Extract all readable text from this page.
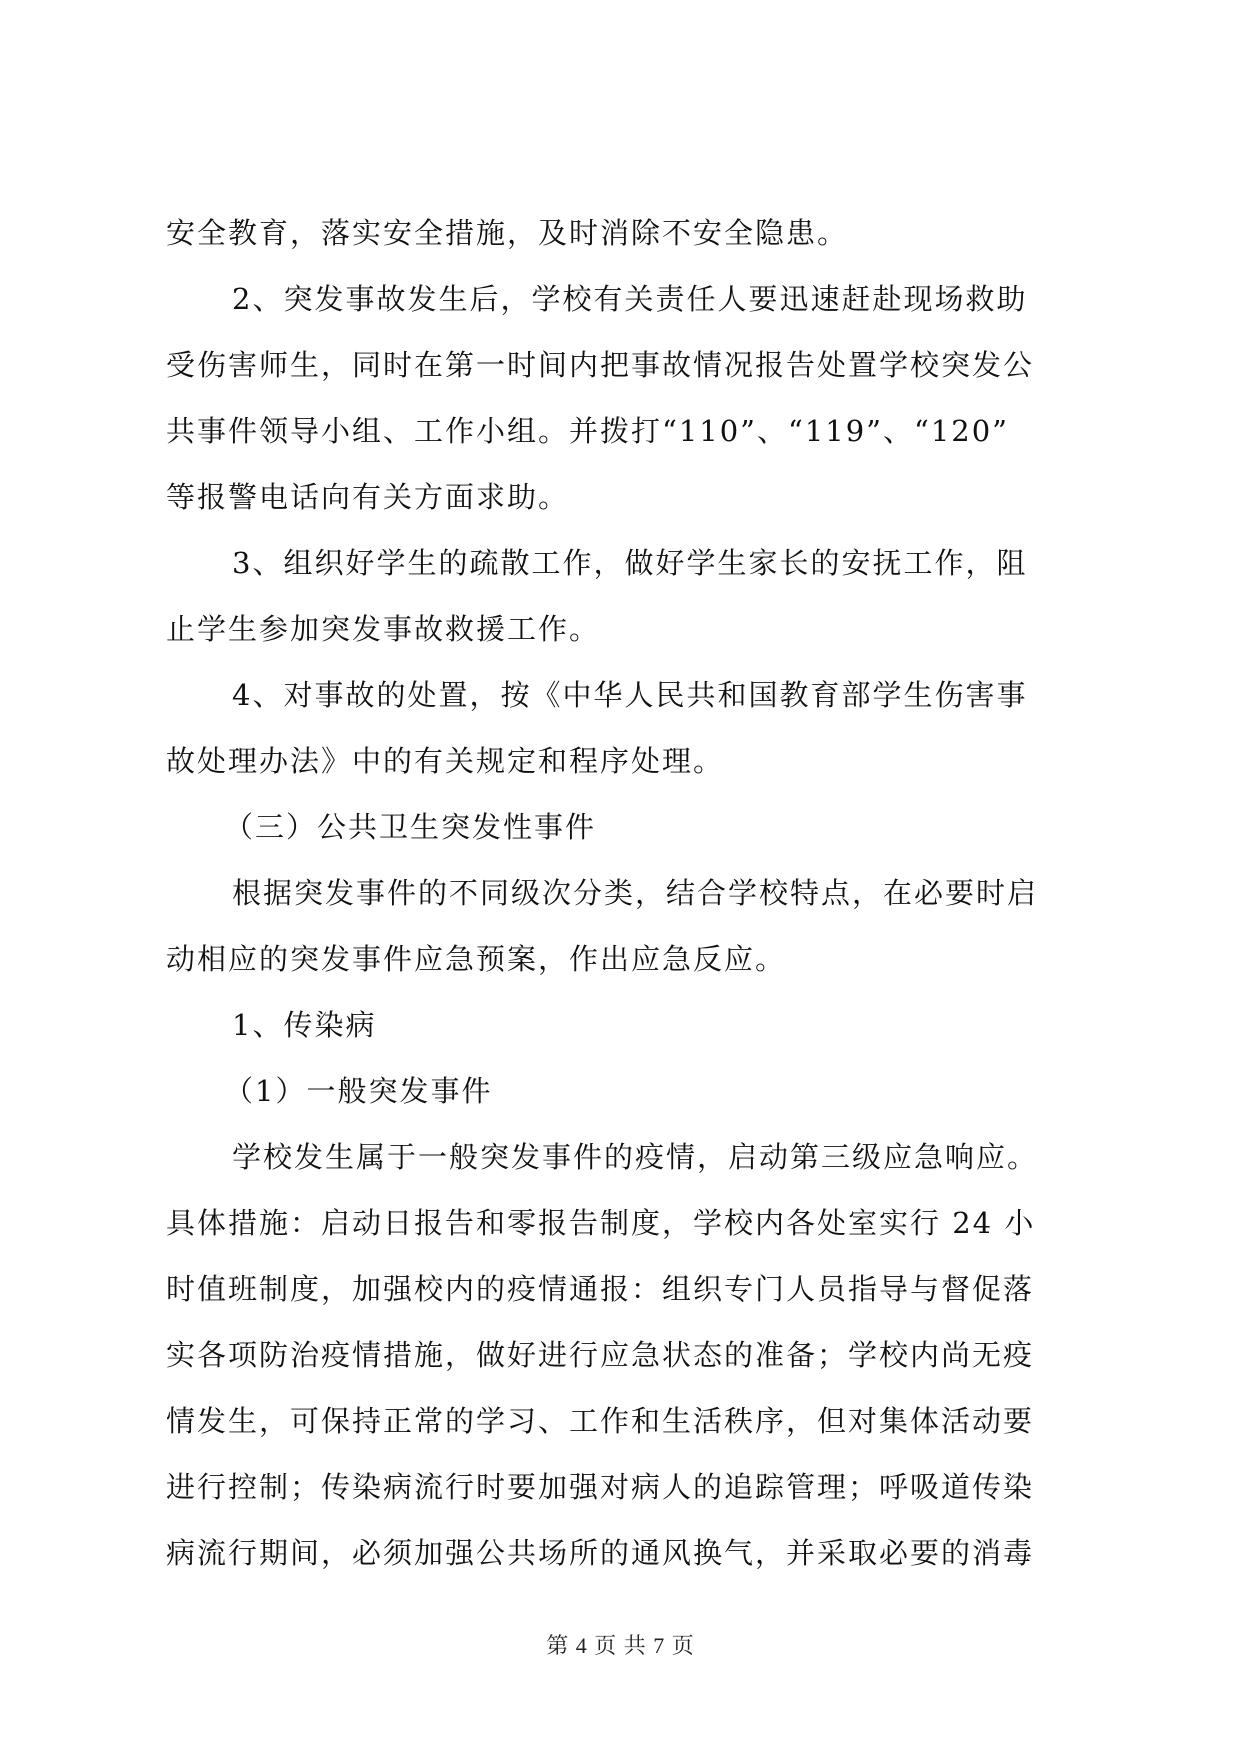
安全教育，落实安全措施，及时消除不安全隐患。
2、突发事故发生后，学校有关责任人要迅速赶赴现场救助
受伤害师生，同时在第一时间内把事故情况报告处置学校突发公
共事件领导小组、工作小组。并拨打“110”、“119”、“120”
等报警电话向有关方面求助。
3、组织好学生的疏散工作，做好学生家长的安抚工作，阻
止学生参加突发事故救援工作。
4、对事故的处置，按《中华人民共和国教育部学生伤害事
故处理办法》中的有关规定和程序处理。
（三）公共卫生突发性事件
根据突发事件的不同级次分类，结合学校特点，在必要时启
动相应的突发事件应急预案，作出应急反应。
1、传染病
（1）一般突发事件
学校发生属于一般突发事件的疫情，启动第三级应急响应。
具体措施：启动日报告和零报告制度，学校内各处室实行 24 小
时值班制度，加强校内的疫情通报：组织专门人员指导与督促落
实各项防治疫情措施，做好进行应急状态的准备；学校内尚无疫
情发生，可保持正常的学习、工作和生活秩序，但对集体活动要
进行控制；传染病流行时要加强对病人的追踪管理；呼吸道传染
病流行期间，必须加强公共场所的通风换气，并采取必要的消毒
第 4 页 共 7 页
